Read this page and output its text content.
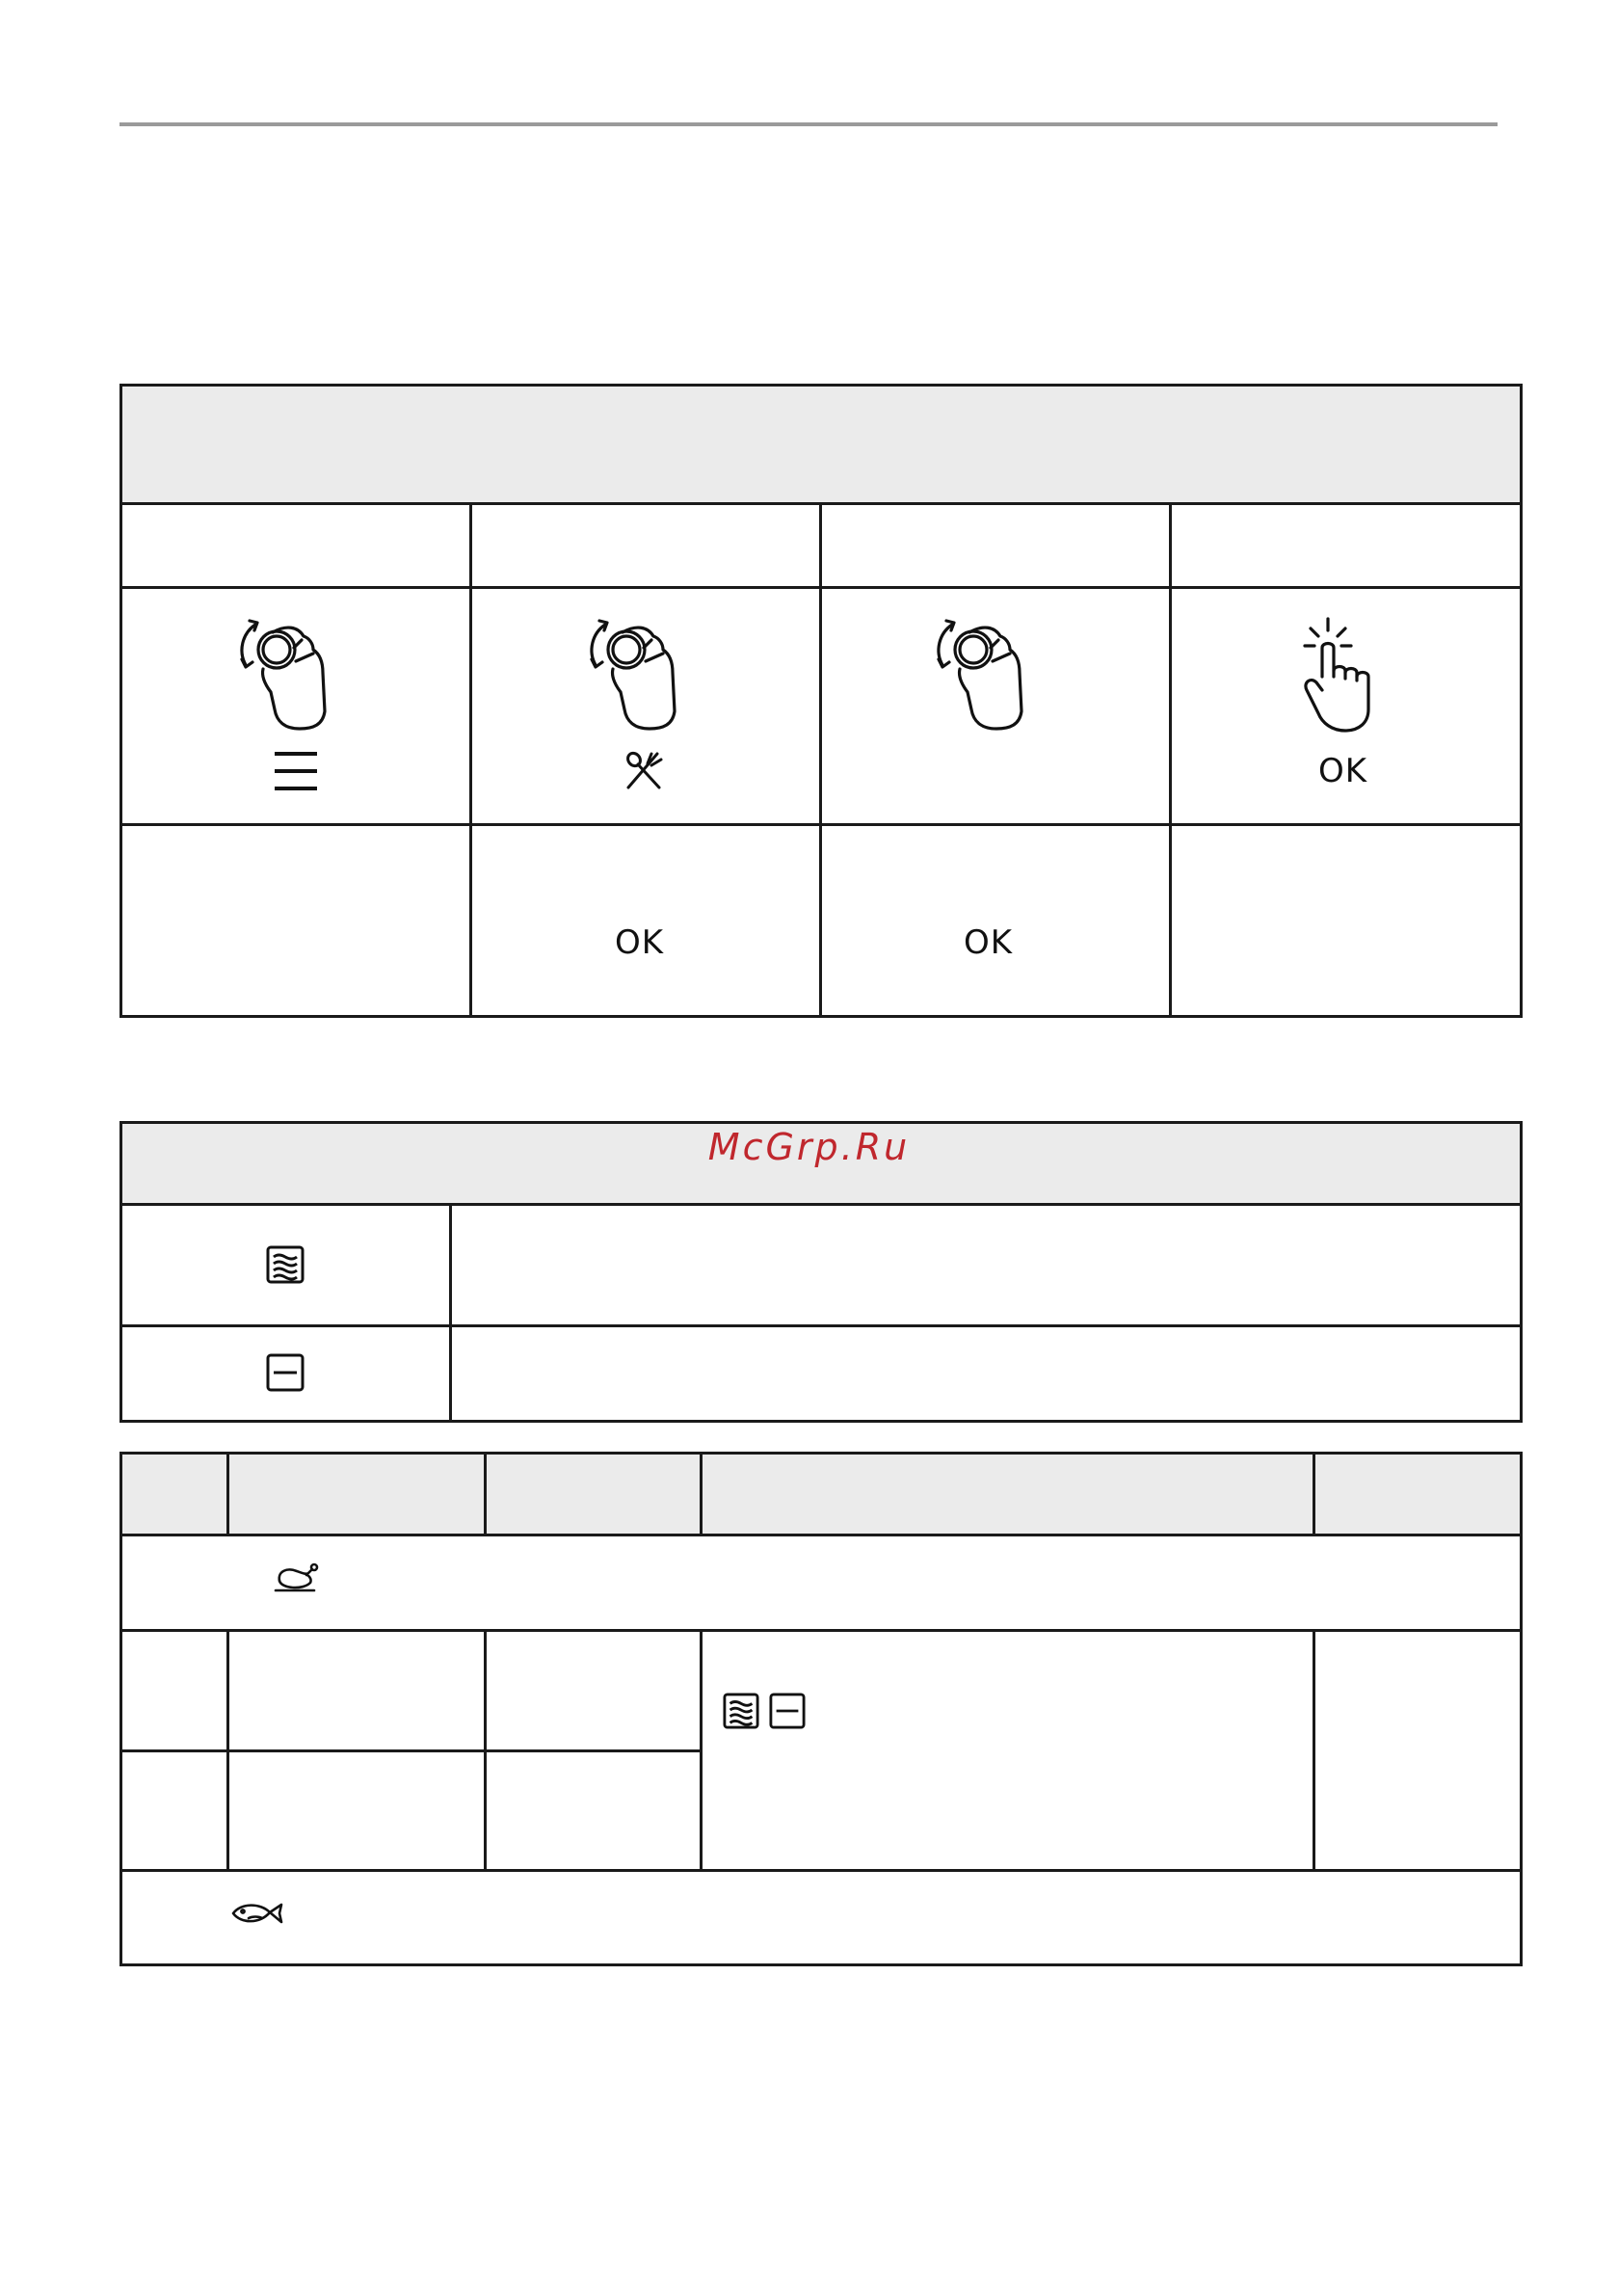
OK
OK	OK
McGrp.Ru
